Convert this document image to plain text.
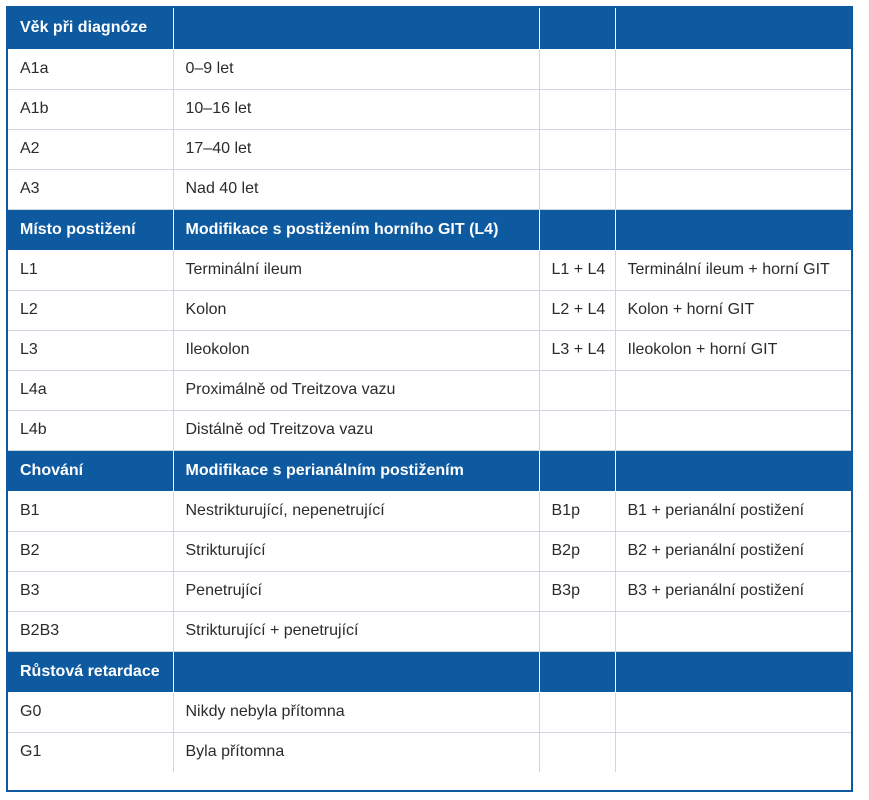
Věk při diagnóze			
A1a	0–9 let		
A1b	10–16 let		
A2	17–40 let		
A3	Nad 40 let		
Místo postižení	Modifikace s postižením horního GIT (L4)		
L1	Terminální ileum	L1 + L4	Terminální ileum + horní GIT
L2	Kolon	L2 + L4	Kolon + horní GIT
L3	Ileokolon	L3 + L4	Ileokolon + horní GIT
L4a	Proximálně od Treitzova vazu		
L4b	Distálně od Treitzova vazu		
Chování	Modifikace s perianálním postižením		
B1	Nestrikturující, nepenetrující	B1p	B1 + perianální postižení
B2	Strikturující	B2p	B2 + perianální postižení
B3	Penetrující	B3p	B3 + perianální postižení
B2B3	Strikturující + penetrující		
Růstová retardace			
G0	Nikdy nebyla přítomna		
G1	Byla přítomna		
